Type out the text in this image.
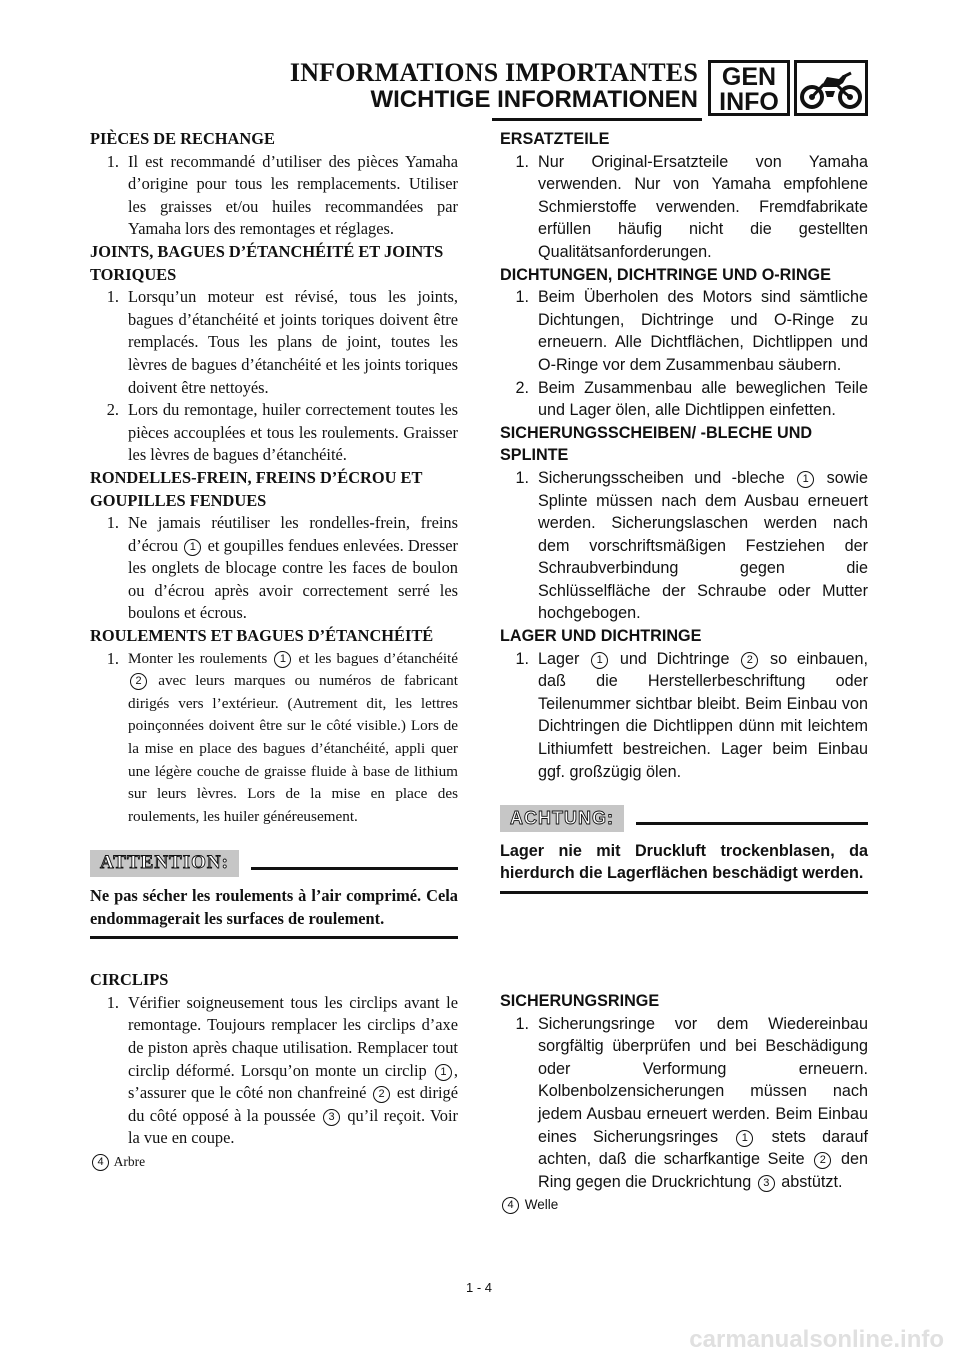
INFORMATIONS IMPORTANTES
WICHTIGE INFORMATIONEN
GEN
INFO
PIÈCES DE RECHANGE
1. Il est recommandé d’utiliser des pièces Yamaha d’origine pour tous les remplacements. Utiliser les graisses et/ou huiles recommandées par Yamaha lors des remontages et réglages.
JOINTS, BAGUES D’ÉTANCHÉITÉ ET JOINTS TORIQUES
1. Lorsqu’un moteur est révisé, tous les joints, bagues d’étanchéité et joints toriques doivent être remplacés. Tous les plans de joint, toutes les lèvres de bagues d’étanchéité et les joints toriques doivent être nettoyés.
2. Lors du remontage, huiler correctement toutes les pièces accouplées et tous les roulements. Graisser les lèvres de bagues d’étanchéité.
RONDELLES-FREIN, FREINS D’ÉCROU ET GOUPILLES FENDUES
1. Ne jamais réutiliser les rondelles-frein, freins d’écrou 1 et goupilles fendues enlevées. Dresser les onglets de blocage contre les faces de boulon ou d’écrou après avoir correctement serré les boulons et écrous.
ROULEMENTS ET BAGUES D’ÉTANCHÉITÉ
1. Monter les roulements 1 et les bagues d’étanchéité 2 avec leurs marques ou numéros de fabricant dirigés vers l’extérieur. (Autrement dit, les lettres poinçonnées doivent être sur le côté visible.) Lors de la mise en place des bagues d’étanchéité, appli quer une légère couche de graisse fluide à base de lithium sur leurs lèvres. Lors de la mise en place des roulements, les huiler généreusement.
ATTENTION:
Ne pas sécher les roulements à l’air comprimé. Cela endommagerait les surfaces de roulement.
CIRCLIPS
1. Vérifier soigneusement tous les circlips avant le remontage. Toujours remplacer les circlips d’axe de piston après chaque utilisation. Remplacer tout circlip déformé. Lorsqu’on monte un circlip 1 , s’assurer que le côté non chanfreiné 2 est dirigé du côté opposé à la poussée 3 qu’il reçoit. Voir la vue en coupe.
4 Arbre
ERSATZTEILE
1. Nur Original-Ersatzteile von Yamaha verwenden. Nur von Yamaha empfohlene Schmierstoffe verwenden. Fremdfabrikate erfüllen häufig nicht die gestellten Qualitätsanforderungen.
DICHTUNGEN, DICHTRINGE UND O-RINGE
1. Beim Überholen des Motors sind sämtliche Dichtungen, Dichtringe und O-Ringe zu erneuern. Alle Dichtflächen, Dichtlippen und O-Ringe vor dem Zusammenbau säubern.
2. Beim Zusammenbau alle beweglichen Teile und Lager ölen, alle Dichtlippen einfetten.
SICHERUNGSSCHEIBEN/ -BLECHE UND SPLINTE
1. Sicherungsscheiben und -bleche 1 sowie Splinte müssen nach dem Ausbau erneuert werden. Sicherungslaschen werden nach dem vorschriftsmäßigen Festziehen der Schraubverbindung gegen die Schlüsselfläche der Schraube oder Mutter hochgebogen.
LAGER UND DICHTRINGE
1. Lager 1 und Dichtringe 2 so einbauen, daß die Herstellerbeschriftung oder Teilenummer sichtbar bleibt. Beim Einbau von Dichtringen die Dichtlippen dünn mit leichtem Lithiumfett bestreichen. Lager beim Einbau ggf. großzügig ölen.
ACHTUNG:
Lager nie mit Druckluft trockenblasen, da hierdurch die Lagerflächen beschädigt werden.
SICHERUNGSRINGE
1. Sicherungsringe vor dem Wiedereinbau sorgfältig überprüfen und bei Beschädigung oder Verformung erneuern. Kolbenbolzensicherungen müssen nach jedem Ausbau erneuert werden. Beim Einbau eines Sicherungsringes 1 stets darauf achten, daß die scharfkantige Seite 2 den Ring gegen die Druckrichtung 3 abstützt.
4 Welle
1 - 4
carmanualsonline.info
